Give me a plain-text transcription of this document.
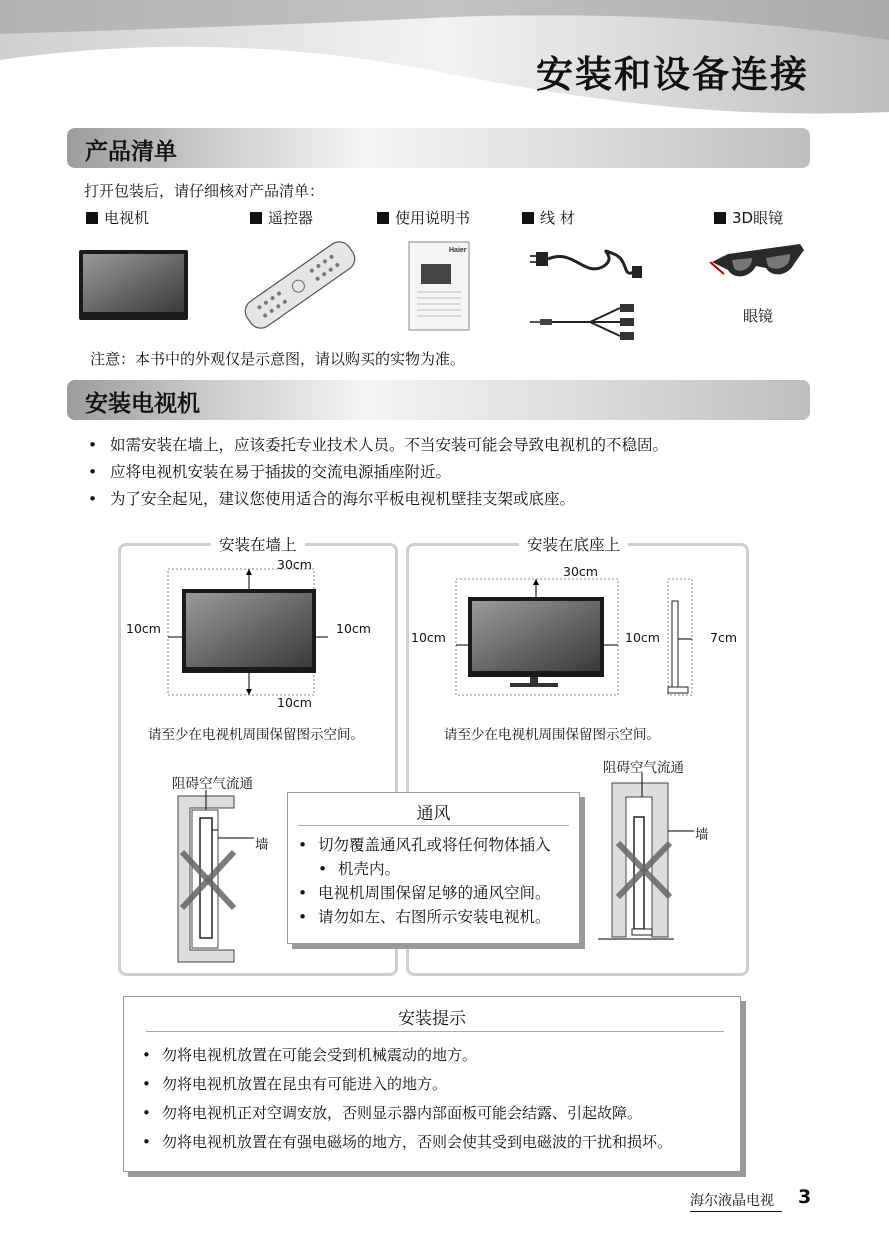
安装和设备连接
产品清单
打开包装后，请仔细核对产品清单：
电视机	遥控器	使用说明书	线 材	3D眼镜
Haier
眼镜
注意：本书中的外观仅是示意图，请以购买的实物为准。
安装电视机
• 如需安装在墙上，应该委托专业技术人员。不当安装可能会导致电视机的不稳固。
• 应将电视机安装在易于插拔的交流电源插座附近。
• 为了安全起见，建议您使用适合的海尔平板电视机壁挂支架或底座。
安装在墙上
30cm
10cm	10cm
10cm
请至少在电视机周围保留图示空间。
阻碍空气流通
墙
安装在底座上
30cm
10cm	10cm	7cm
请至少在电视机周围保留图示空间。
阻碍空气流通
墙
通风
• 切勿覆盖通风孔或将任何物体插入
• 机壳内。
• 电视机周围保留足够的通风空间。
• 请勿如左、右图所示安装电视机。
安装提示
• 勿将电视机放置在可能会受到机械震动的地方。
• 勿将电视机放置在昆虫有可能进入的地方。
• 勿将电视机正对空调安放，否则显示器内部面板可能会结露、引起故障。
• 勿将电视机放置在有强电磁场的地方，否则会使其受到电磁波的干扰和损坏。
海尔液晶电视 3
